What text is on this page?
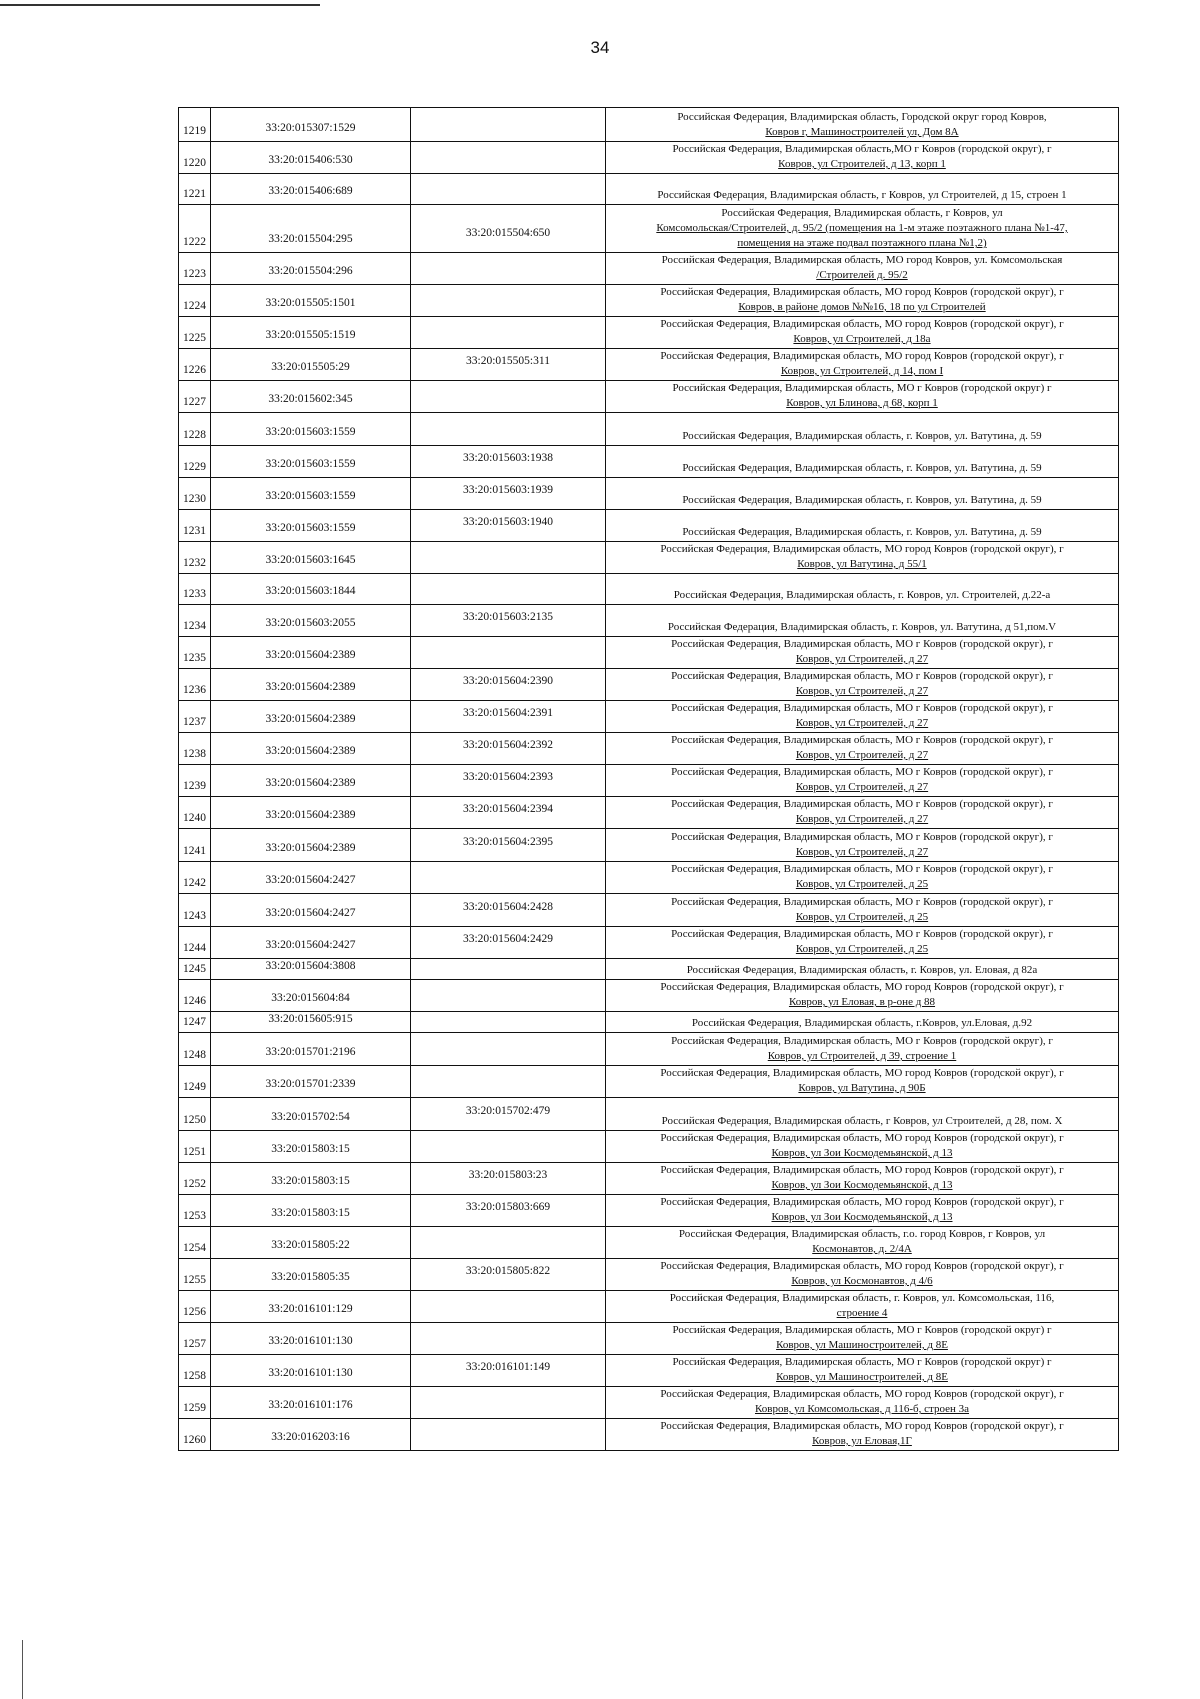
34
1219	33:20:015307:1529		Российская Федерация, Владимирская область, Городской округ город Ковров,
Ковров г, Машиностроителей ул, Дом 8А

1220	33:20:015406:530		Российская Федерация, Владимирская область,МО г Ковров (городской округ), г
Ковров, ул Строителей, д 13, корп 1

1221	33:20:015406:689		Российская Федерация, Владимирская область, г Ковров, ул Строителей, д 15, строен 1

1222	33:20:015504:295	33:20:015504:650	Российская Федерация, Владимирская область, г Ковров, ул
Комсомольская/Строителей, д. 95/2 (помещения на 1-м этаже поэтажного плана №1-47,
помещения на этаже подвал поэтажного плана №1,2)

1223	33:20:015504:296		Российская Федерация, Владимирская область, МО город Ковров, ул. Комсомольская
/Строителей д. 95/2

1224	33:20:015505:1501		Российская Федерация, Владимирская область, МО город Ковров (городской округ), г
Ковров, в районе домов №№16, 18 по ул Строителей

1225	33:20:015505:1519		Российская Федерация, Владимирская область, МО город Ковров (городской округ), г
Ковров, ул Строителей, д 18а

1226	33:20:015505:29	33:20:015505:311	Российская Федерация, Владимирская область, МО город Ковров (городской округ), г
Ковров, ул Строителей, д 14, пом I

1227	33:20:015602:345		Российская Федерация, Владимирская область, МО г Ковров (городской округ) г
Ковров, ул Блинова, д 68, корп 1

1228	33:20:015603:1559		Российская Федерация, Владимирская область, г. Ковров, ул. Ватутина, д. 59

1229	33:20:015603:1559	33:20:015603:1938	Российская Федерация, Владимирская область, г. Ковров, ул. Ватутина, д. 59

1230	33:20:015603:1559	33:20:015603:1939	Российская Федерация, Владимирская область, г. Ковров, ул. Ватутина, д. 59

1231	33:20:015603:1559	33:20:015603:1940	Российская Федерация, Владимирская область, г. Ковров, ул. Ватутина, д. 59

1232	33:20:015603:1645		Российская Федерация, Владимирская область, МО город Ковров (городской округ), г
Ковров, ул Ватутина, д 55/1

1233	33:20:015603:1844		Российская Федерация, Владимирская область, г. Ковров, ул. Строителей, д.22-а

1234	33:20:015603:2055	33:20:015603:2135	Российская Федерация, Владимирская область, г. Ковров, ул. Ватутина, д 51,пом.V

1235	33:20:015604:2389		Российская Федерация, Владимирская область, МО г Ковров (городской округ), г
Ковров, ул Строителей, д 27

1236	33:20:015604:2389	33:20:015604:2390	Российская Федерация, Владимирская область, МО г Ковров (городской округ), г
Ковров, ул Строителей, д 27

1237	33:20:015604:2389	33:20:015604:2391	Российская Федерация, Владимирская область, МО г Ковров (городской округ), г
Ковров, ул Строителей, д 27

1238	33:20:015604:2389	33:20:015604:2392	Российская Федерация, Владимирская область, МО г Ковров (городской округ), г
Ковров, ул Строителей, д 27

1239	33:20:015604:2389	33:20:015604:2393	Российская Федерация, Владимирская область, МО г Ковров (городской округ), г
Ковров, ул Строителей, д 27

1240	33:20:015604:2389	33:20:015604:2394	Российская Федерация, Владимирская область, МО г Ковров (городской округ), г
Ковров, ул Строителей, д 27

1241	33:20:015604:2389	33:20:015604:2395	Российская Федерация, Владимирская область, МО г Ковров (городской округ), г
Ковров, ул Строителей, д 27

1242	33:20:015604:2427		Российская Федерация, Владимирская область, МО г Ковров (городской округ), г
Ковров, ул Строителей, д 25

1243	33:20:015604:2427	33:20:015604:2428	Российская Федерация, Владимирская область, МО г Ковров (городской округ), г
Ковров, ул Строителей, д 25

1244	33:20:015604:2427	33:20:015604:2429	Российская Федерация, Владимирская область, МО г Ковров (городской округ), г
Ковров, ул Строителей, д 25

1245	33:20:015604:3808		Российская Федерация, Владимирская область, г. Ковров, ул. Еловая, д 82а

1246	33:20:015604:84		Российская Федерация, Владимирская область, МО город Ковров (городской округ), г
Ковров, ул Еловая, в р-оне д 88

1247	33:20:015605:915		Российская Федерация, Владимирская область, г.Ковров, ул.Еловая, д.92

1248	33:20:015701:2196		Российская Федерация, Владимирская область, МО г Ковров (городской округ), г
Ковров, ул Строителей, д 39, строение 1

1249	33:20:015701:2339		Российская Федерация, Владимирская область, МО город Ковров (городской округ), г
Ковров, ул Ватутина, д 90Б

1250	33:20:015702:54	33:20:015702:479	Российская Федерация, Владимирская область, г Ковров, ул Строителей, д 28, пом. X

1251	33:20:015803:15		Российская Федерация, Владимирская область, МО город Ковров (городской округ), г
Ковров, ул Зои Космодемьянской, д 13

1252	33:20:015803:15	33:20:015803:23	Российская Федерация, Владимирская область, МО город Ковров (городской округ), г
Ковров, ул Зои Космодемьянской, д 13

1253	33:20:015803:15	33:20:015803:669	Российская Федерация, Владимирская область, МО город Ковров (городской округ), г
Ковров, ул Зои Космодемьянской, д 13

1254	33:20:015805:22		Российская Федерация, Владимирская область, г.о. город Ковров, г Ковров, ул
Космонавтов, д. 2/4А

1255	33:20:015805:35	33:20:015805:822	Российская Федерация, Владимирская область, МО город Ковров (городской округ), г
Ковров, ул Космонавтов, д 4/6

1256	33:20:016101:129		Российская Федерация, Владимирская область, г. Ковров, ул. Комсомольская, 116,
строение 4

1257	33:20:016101:130		Российская Федерация, Владимирская область, МО г Ковров (городской округ) г
Ковров, ул Машиностроителей, д 8Е

1258	33:20:016101:130	33:20:016101:149	Российская Федерация, Владимирская область, МО г Ковров (городской округ) г
Ковров, ул Машиностроителей, д 8Е

1259	33:20:016101:176		Российская Федерация, Владимирская область, МО город Ковров (городской округ), г
Ковров, ул Комсомольская, д 116-б, строен 3а

1260	33:20:016203:16		Российская Федерация, Владимирская область, МО город Ковров (городской округ), г
Ковров, ул Еловая,1Г
